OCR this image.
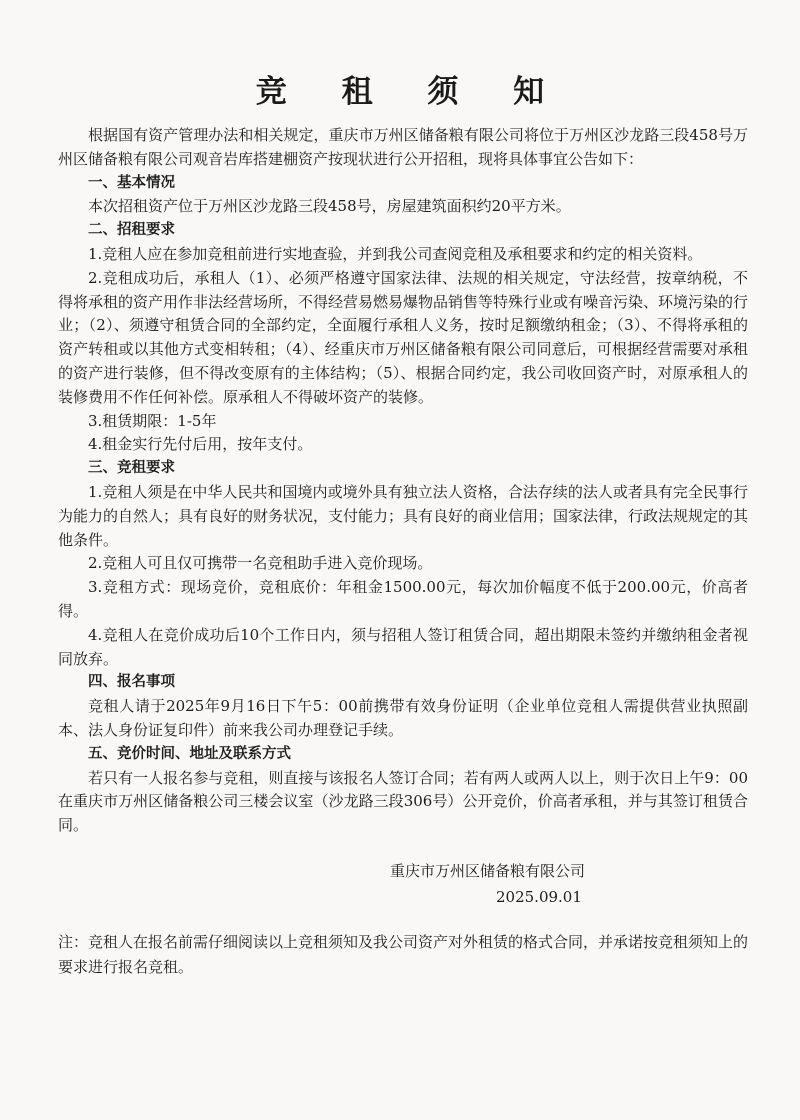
竞 租 须 知

根据国有资产管理办法和相关规定，重庆市万州区储备粮有限公司将位于万州区沙龙路三段458号万州区储备粮有限公司观音岩库搭建棚资产按现状进行公开招租，现将具体事宜公告如下：

一、基本情况

本次招租资产位于万州区沙龙路三段458号，房屋建筑面积约20平方米。

二、招租要求

1.竞租人应在参加竞租前进行实地查验，并到我公司查阅竞租及承租要求和约定的相关资料。

2.竞租成功后，承租人（1）、必须严格遵守国家法律、法规的相关规定，守法经营，按章纳税，不得将承租的资产用作非法经营场所，不得经营易燃易爆物品销售等特殊行业或有噪音污染、环境污染的行业；（2）、须遵守租赁合同的全部约定，全面履行承租人义务，按时足额缴纳租金；（3）、不得将承租的资产转租或以其他方式变相转租；（4）、经重庆市万州区储备粮有限公司同意后，可根据经营需要对承租的资产进行装修，但不得改变原有的主体结构；（5）、根据合同约定，我公司收回资产时，对原承租人的装修费用不作任何补偿。原承租人不得破坏资产的装修。

3.租赁期限：1-5年

4.租金实行先付后用，按年支付。

三、竞租要求

1.竞租人须是在中华人民共和国境内或境外具有独立法人资格，合法存续的法人或者具有完全民事行为能力的自然人；具有良好的财务状况，支付能力；具有良好的商业信用；国家法律，行政法规规定的其他条件。

2.竞租人可且仅可携带一名竞租助手进入竞价现场。

3.竞租方式：现场竞价，竞租底价：年租金1500.00元，每次加价幅度不低于200.00元，价高者得。

4.竞租人在竞价成功后10个工作日内，须与招租人签订租赁合同，超出期限未签约并缴纳租金者视同放弃。

四、报名事项

竞租人请于2025年9月16日下午5：00前携带有效身份证明（企业单位竞租人需提供营业执照副本、法人身份证复印件）前来我公司办理登记手续。

五、竞价时间、地址及联系方式

若只有一人报名参与竞租，则直接与该报名人签订合同；若有两人或两人以上，则于次日上午9：00在重庆市万州区储备粮公司三楼会议室（沙龙路三段306号）公开竞价，价高者承租，并与其签订租赁合同。

重庆市万州区储备粮有限公司
2025.09.01
注：竞租人在报名前需仔细阅读以上竞租须知及我公司资产对外租赁的格式合同，并承诺按竞租须知上的要求进行报名竞租。
